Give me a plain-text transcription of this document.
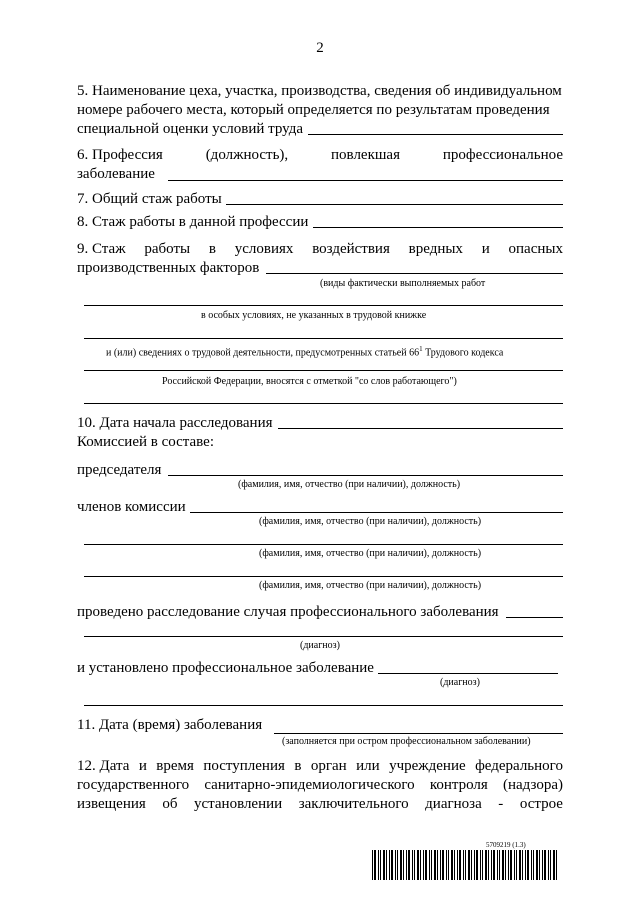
2
5. Наименование цеха, участка, производства, сведения об индивидуальном
номере рабочего места, который определяется по результатам проведения
специальной оценки условий труда
6. Профессия	(должность),	повлекшая	профессиональное
заболевание
7. Общий стаж работы
8. Стаж работы в данной профессии
9. Стаж работы в условиях воздействия вредных и опасных
производственных факторов
(виды фактически выполняемых работ
в особых условиях, не указанных в трудовой книжке
и (или) сведениях о трудовой деятельности, предусмотренных статьей $66^1$ Трудового кодекса
Российской Федерации, вносятся с отметкой "со слов работающего")
10. Дата начала расследования
Комиссией в составе:
председателя
(фамилия, имя, отчество (при наличии), должность)
членов комиссии
(фамилия, имя, отчество (при наличии), должность)
(фамилия, имя, отчество (при наличии), должность)
(фамилия, имя, отчество (при наличии), должность)
проведено расследование случая профессионального заболевания
(диагноз)
и установлено профессиональное заболевание
(диагноз)
11. Дата (время) заболевания
(заполняется при остром профессиональном заболевании)
12. Дата и время поступления в орган или учреждение федерального
государственного санитарно-эпидемиологического контроля (надзора)
извещения об установлении заключительного диагноза - острое
5709219 (1.3)
